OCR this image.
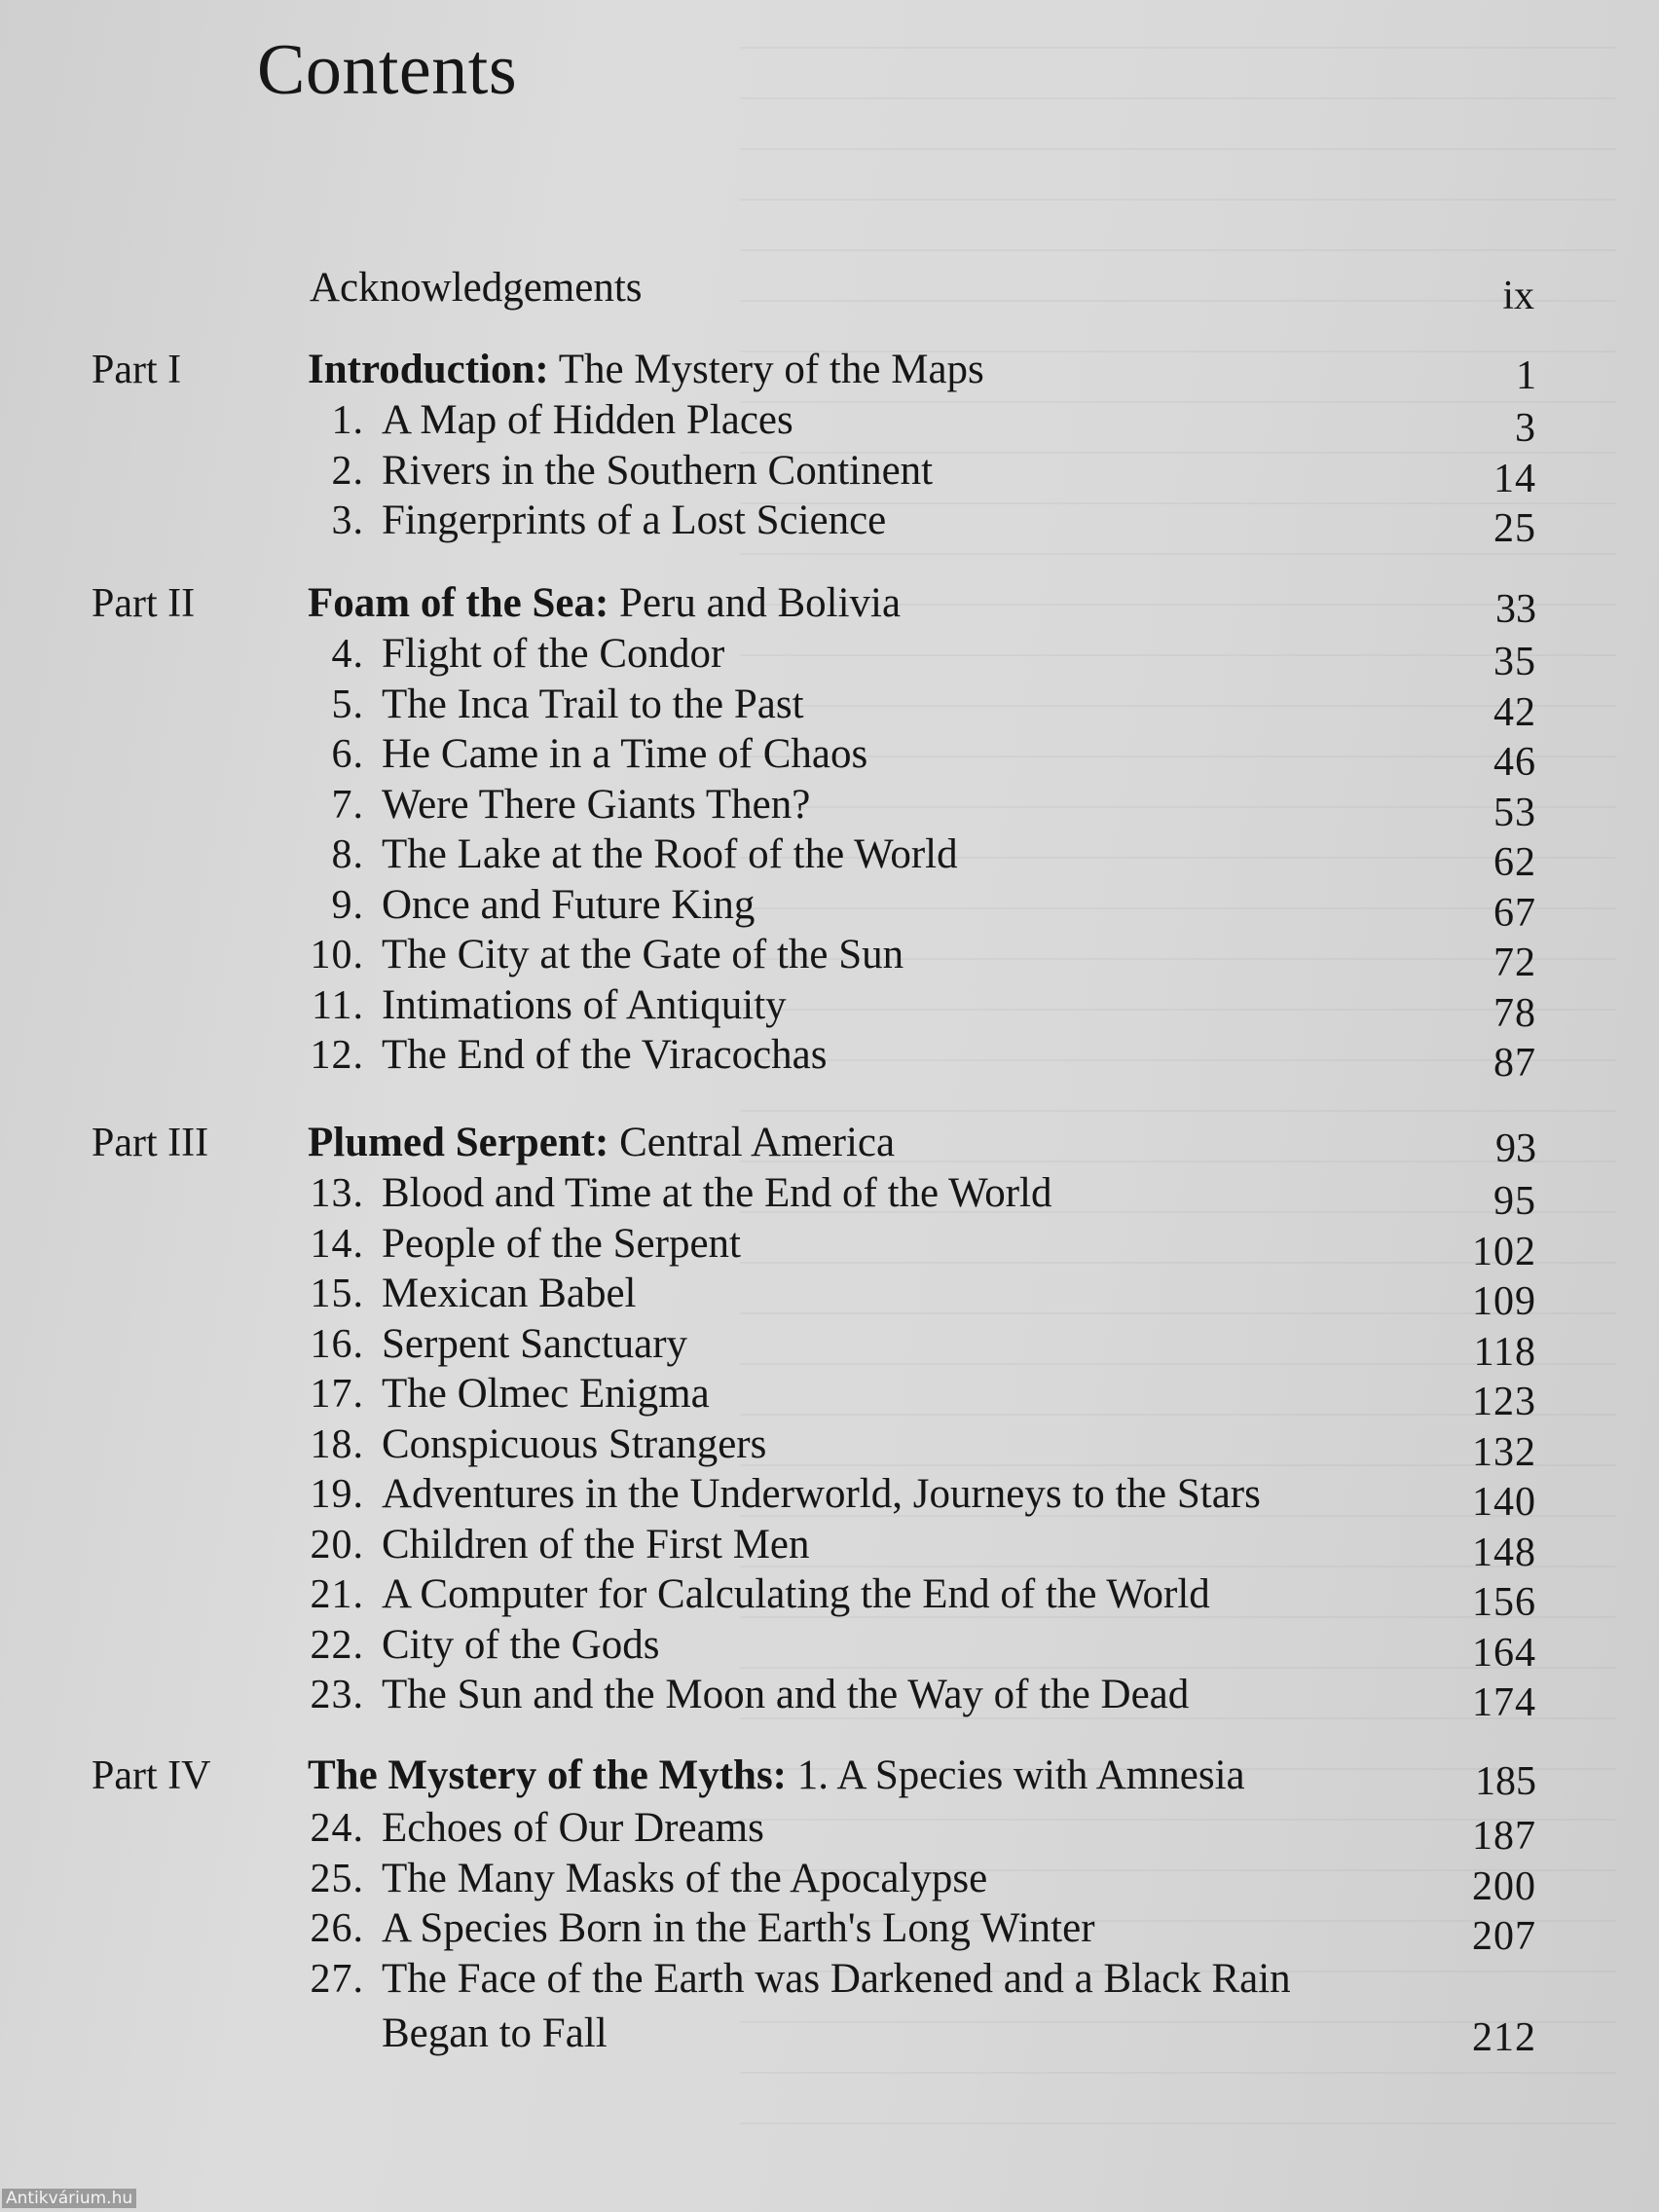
Contents
Acknowledgements	ix
Part I	Introduction: The Mystery of the Maps	1
1. A Map of Hidden Places	3
2. Rivers in the Southern Continent	14
3. Fingerprints of a Lost Science	25
Part II	Foam of the Sea: Peru and Bolivia	33
4. Flight of the Condor	35
5. The Inca Trail to the Past	42
6. He Came in a Time of Chaos	46
7. Were There Giants Then?	53
8. The Lake at the Roof of the World	62
9. Once and Future King	67
10. The City at the Gate of the Sun	72
11. Intimations of Antiquity	78
12. The End of the Viracochas	87
Part III Plumed Serpent: Central America	93
13. Blood and Time at the End of the World	95
14. People of the Serpent	102
15. Mexican Babel	109
16. Serpent Sanctuary	118
17. The Olmec Enigma	123
18. Conspicuous Strangers	132
19. Adventures in the Underworld, Journeys to the Stars	140
20. Children of the First Men	148
21. A Computer for Calculating the End of the World	156
22. City of the Gods	164
23. The Sun and the Moon and the Way of the Dead	174
Part IV The Mystery of the Myths: 1. A Species with Amnesia	185
24. Echoes of Our Dreams	187
25. The Many Masks of the Apocalypse	200
26. A Species Born in the Earth's Long Winter	207
27. The Face of the Earth was Darkened and a Black Rain
Began to Fall	212
Antikvárium.hu
